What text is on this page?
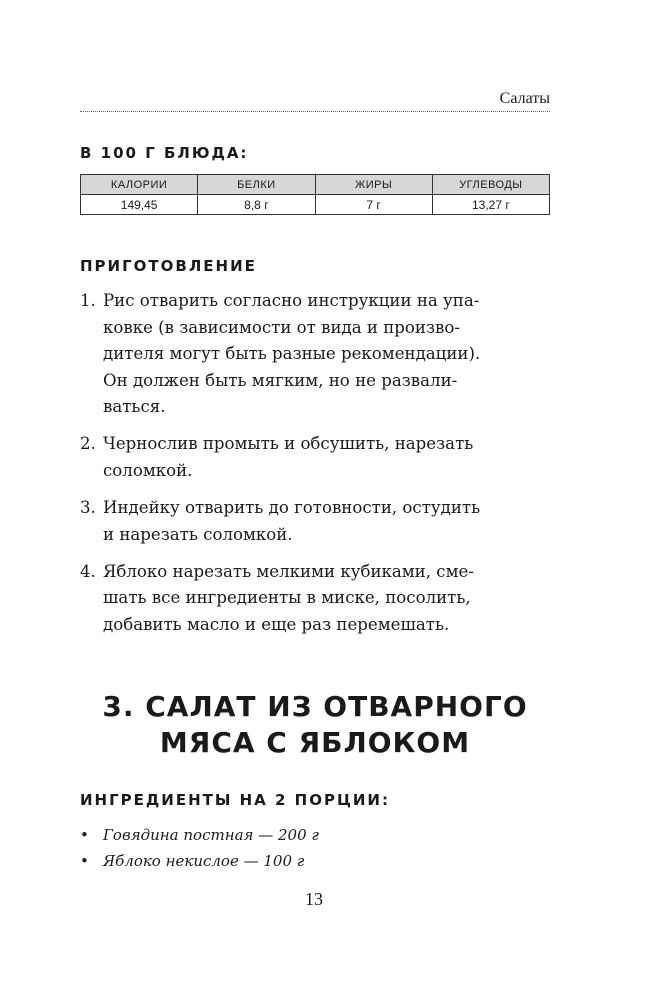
Салаты
В 100 Г БЛЮДА:
КАЛОРИИ	БЕЛКИ	ЖИРЫ	УГЛЕВОДЫ
149,45	8,8 г	7 г	13,27 г
ПРИГОТОВЛЕНИЕ
1. Рис отварить согласно инструкции на упа-
ковке (в зависимости от вида и произво-
дителя могут быть разные рекомендации).
Он должен быть мягким, но не развали-
ваться.
2. Чернослив промыть и обсушить, нарезать
соломкой.
3. Индейку отварить до готовности, остудить
и нарезать соломкой.
4. Яблоко нарезать мелкими кубиками, сме-
шать все ингредиенты в миске, посолить,
добавить масло и еще раз перемешать.
3. САЛАТ ИЗ ОТВАРНОГО
МЯСА С ЯБЛОКОМ
ИНГРЕДИЕНТЫ НА 2 ПОРЦИИ:
• Говядина постная — 200 г
• Яблоко некислое — 100 г
13
